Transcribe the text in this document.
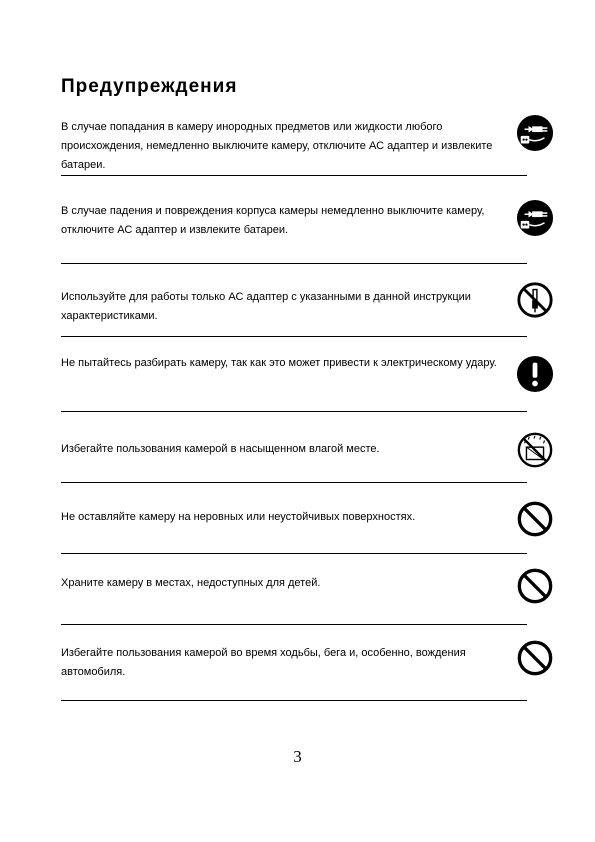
Предупреждения

В случае попадания в камеру инородных предметов или жидкости любого происхождения, немедленно выключите камеру, отключите АС адаптер и извлеките батареи.

В случае падения и повреждения корпуса камеры немедленно выключите камеру, отключите АС адаптер и извлеките батареи.

Используйте для работы только АС адаптер с указанными в данной инструкции характеристиками.

Не пытайтесь разбирать камеру, так как это может привести к электрическому удару.

Избегайте пользования камерой в насыщенном влагой месте.

Не оставляйте камеру на неровных или неустойчивых поверхностях.

Храните камеру в местах, недоступных для детей.

Избегайте пользования камерой во время ходьбы, бега и, особенно, вождения автомобиля.

3
